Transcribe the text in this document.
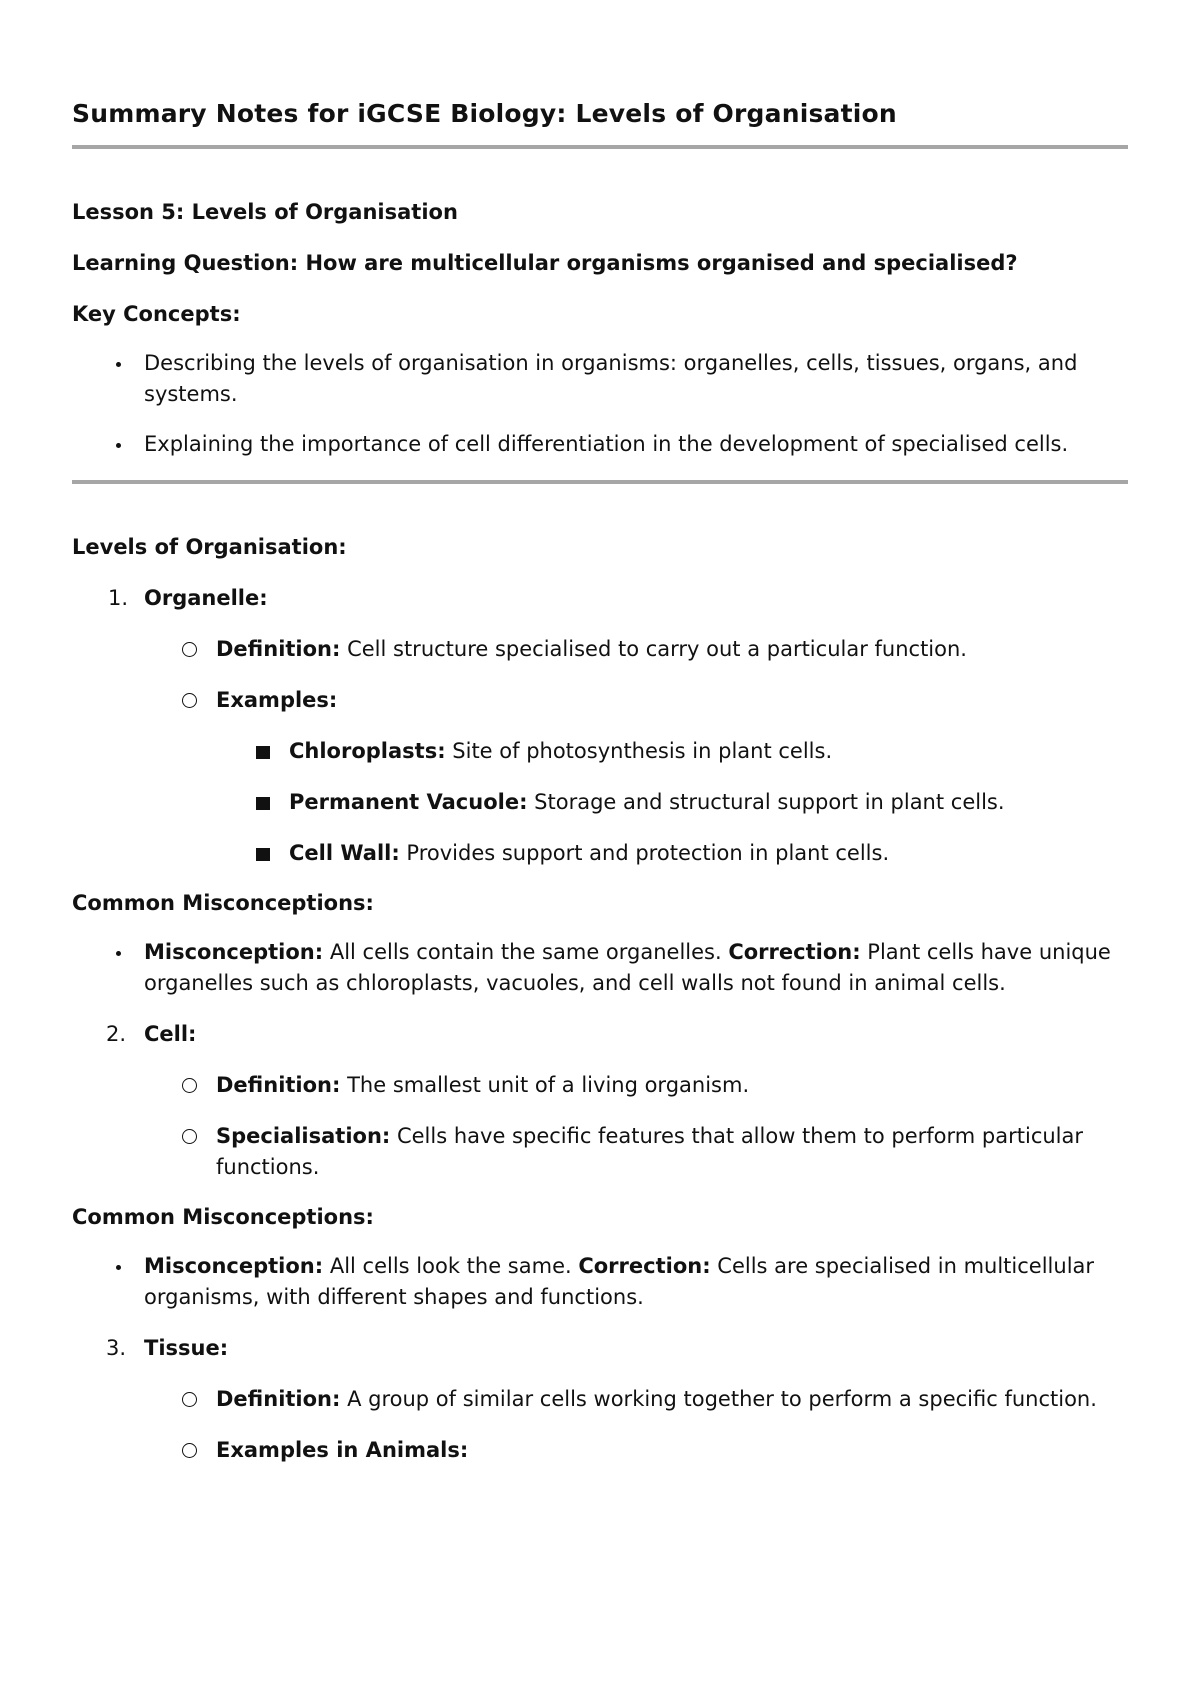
Summary Notes for iGCSE Biology: Levels of Organisation

Lesson 5: Levels of Organisation

Learning Question: How are multicellular organisms organised and specialised?

Key Concepts:

Describing the levels of organisation in organisms: organelles, cells, tissues, organs, and systems.
Explaining the importance of cell differentiation in the development of specialised cells.

Levels of Organisation:

1. Organelle:

Definition: Cell structure specialised to carry out a particular function.
Examples:
Chloroplasts: Site of photosynthesis in plant cells.
Permanent Vacuole: Storage and structural support in plant cells.
Cell Wall: Provides support and protection in plant cells.

Common Misconceptions:

Misconception: All cells contain the same organelles. Correction: Plant cells have unique organelles such as chloroplasts, vacuoles, and cell walls not found in animal cells.
2. Cell:

Definition: The smallest unit of a living organism.
Specialisation: Cells have specific features that allow them to perform particular functions.

Common Misconceptions:

Misconception: All cells look the same. Correction: Cells are specialised in multicellular organisms, with different shapes and functions.
3. Tissue:

Definition: A group of similar cells working together to perform a specific function.
Examples in Animals:
